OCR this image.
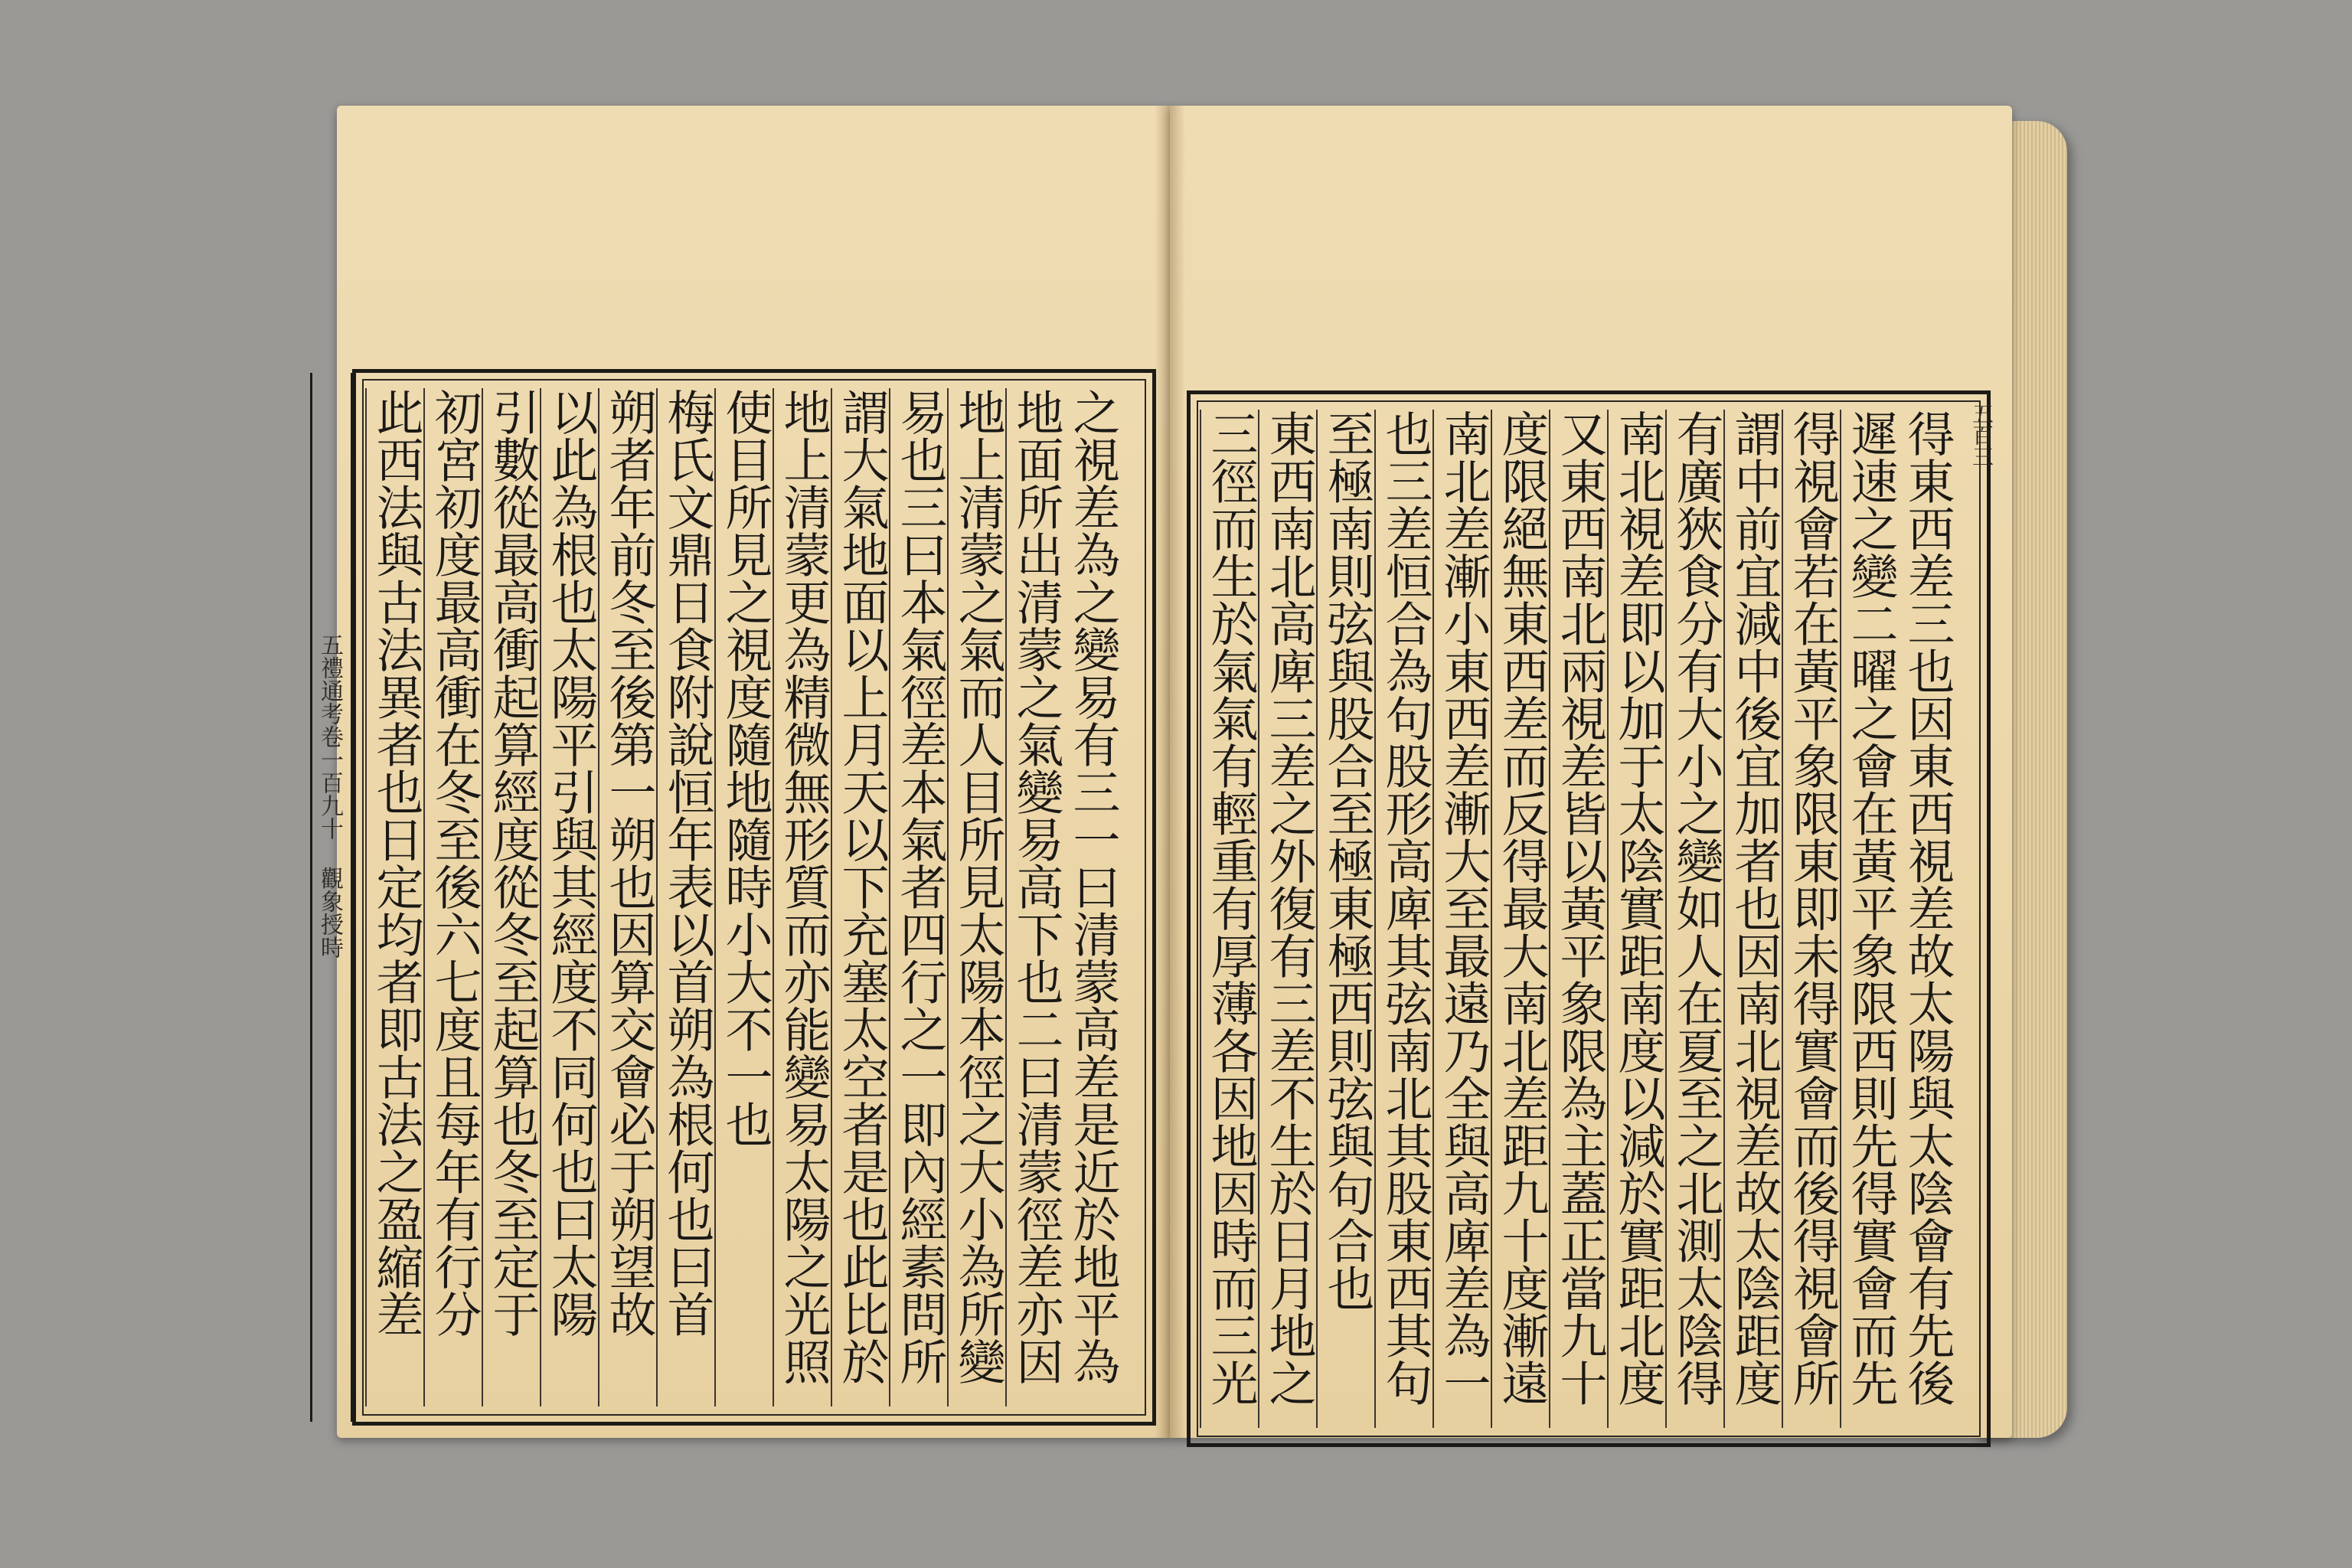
之視差為之變易有三一曰清蒙高差是近於地平為
地面所出清蒙之氣變易高下也二曰清蒙徑差亦因
地上清蒙之氣而人目所見太陽本徑之大小為所變
易也三曰本氣徑差本氣者四行之一即內經素問所
謂大氣地面以上月天以下充塞太空者是也此比於
地上清蒙更為精微無形質而亦能變易太陽之光照
使目所見之視度隨地隨時小大不一也
梅氏文鼎日食附說恒年表以首朔為根何也曰首
朔者年前冬至後第一朔也因算交會必于朔望故
以此為根也太陽平引與其經度不同何也曰太陽
引數從最高衝起算經度從冬至起算也冬至定于
初宮初度最高衝在冬至後六七度且每年有行分
此西法與古法異者也日定均者即古法之盈縮差
五禮通考卷一百九十 觀象授時	得東西差三也因東西視差故太陽與太陰會有先後
遲速之變二曜之會在黃平象限西則先得實會而先
得視會若在黃平象限東即未得實會而後得視會所
謂中前宜減中後宜加者也因南北視差故太陰距度
有廣狹食分有大小之變如人在夏至之北測太陰得
南北視差即以加于太陰實距南度以減於實距北度
又東西南北兩視差皆以黃平象限為主蓋正當九十
度限絕無東西差而反得最大南北差距九十度漸遠
南北差漸小東西差漸大至最遠乃全與高庳差為一
也三差恒合為句股形高庳其弦南北其股東西其句
至極南則弦與股合至極東極西則弦與句合也
東西南北高庳三差之外復有三差不生於日月地之
三徑而生於氣氣有輕重有厚薄各因地因時而三光	五百三
